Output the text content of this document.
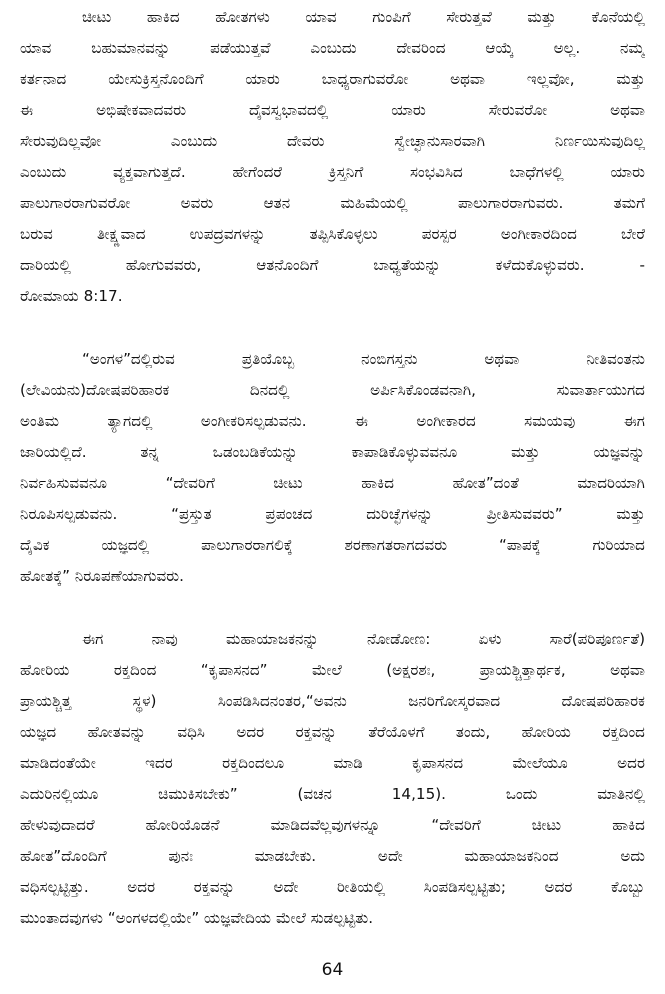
ಚೀಟು ಹಾಕಿದ ಹೋತಗಳು ಯಾವ ಗುಂಪಿಗೆ ಸೇರುತ್ತವೆ ಮತ್ತು ಕೊನೆಯಲ್ಲಿ
ಯಾವ ಬಹುಮಾನವನ್ನು ಪಡೆಯುತ್ತವೆ ಎಂಬುದು ದೇವರಿಂದ ಆಯ್ಕೆ ಅಲ್ಲ. ನಮ್ಮ
ಕರ್ತನಾದ ಯೇಸುಕ್ರಿಸ್ತನೊಂದಿಗೆ ಯಾರು ಬಾಧ್ಯರಾಗುವರೋ ಅಥವಾ ಇಲ್ಲವೋ, ಮತ್ತು
ಈ ಅಭಿಷೇಕವಾದವರು ದೈವಸ್ವಭಾವದಲ್ಲಿ ಯಾರು ಸೇರುವರೋ ಅಥವಾ
ಸೇರುವುದಿಲ್ಲವೋ ಎಂಬುದು ದೇವರು ಸ್ವೇಚ್ಛಾನುಸಾರವಾಗಿ ನಿರ್ಣಯಿಸುವುದಿಲ್ಲ
ಎಂಬುದು ವ್ಯಕ್ತವಾಗುತ್ತದೆ. ಹೇಗೆಂದರೆ ಕ್ರಿಸ್ತನಿಗೆ ಸಂಭವಿಸಿದ ಬಾಧೆಗಳಲ್ಲಿ ಯಾರು
ಪಾಲುಗಾರರಾಗುವರೋ ಅವರು ಆತನ ಮಹಿಮೆಯಲ್ಲಿ ಪಾಲುಗಾರರಾಗುವರು. ತಮಗೆ
ಬರುವ ತೀಕ್ಷ್ಣವಾದ ಉಪದ್ರವಗಳನ್ನು ತಪ್ಪಿಸಿಕೊಳ್ಳಲು ಪರಸ್ಪರ ಅಂಗೀಕಾರದಿಂದ ಬೇರೆ
ದಾರಿಯಲ್ಲಿ ಹೋಗುವವರು, ಆತನೊಂದಿಗೆ ಬಾಧ್ಯತೆಯನ್ನು ಕಳೆದುಕೊಳ್ಳುವರು. -
ರೋಮಾಯ 8:17.
“ಅಂಗಳ”ದಲ್ಲಿರುವ ಪ್ರತಿಯೊಬ್ಬ ನಂಬಿಗಸ್ತನು ಅಥವಾ ನೀತಿವಂತನು
(ಲೇವಿಯನು)ದೋಷಪರಿಹಾರಕ ದಿನದಲ್ಲಿ ಅರ್ಪಿಸಿಕೊಂಡವನಾಗಿ, ಸುವಾರ್ತಾಯುಗದ
ಅಂತಿಮ ತ್ಯಾಗದಲ್ಲಿ ಅಂಗೀಕರಿಸಲ್ಪಡುವನು. ಈ ಅಂಗೀಕಾರದ ಸಮಯವು ಈಗ
ಜಾರಿಯಲ್ಲಿದೆ. ತನ್ನ ಒಡಂಬಡಿಕೆಯನ್ನು ಕಾಪಾಡಿಕೊಳ್ಳುವವನೂ ಮತ್ತು ಯಜ್ಞವನ್ನು
ನಿರ್ವಹಿಸುವವನೂ “ದೇವರಿಗೆ ಚೀಟು ಹಾಕಿದ ಹೋತ”ದಂತೆ ಮಾದರಿಯಾಗಿ
ನಿರೂಪಿಸಲ್ಪಡುವನು. “ಪ್ರಸ್ತುತ ಪ್ರಪಂಚದ ದುರಿಚ್ಛೆಗಳನ್ನು ಪ್ರೀತಿಸುವವರು” ಮತ್ತು
ದೈವಿಕ ಯಜ್ಞದಲ್ಲಿ ಪಾಲುಗಾರರಾಗಲಿಕ್ಕೆ ಶರಣಾಗತರಾಗದವರು “ಪಾಪಕ್ಕೆ ಗುರಿಯಾದ
ಹೋತಕ್ಕೆ” ನಿರೂಪಣೆಯಾಗುವರು.
ಈಗ ನಾವು ಮಹಾಯಾಜಕನನ್ನು ನೋಡೋಣ: ಏಳು ಸಾರೆ(ಪರಿಪೂರ್ಣತೆ)
ಹೋರಿಯ ರಕ್ತದಿಂದ “ಕೃಪಾಸನದ” ಮೇಲೆ (ಅಕ್ಷರಶಃ, ಪ್ರಾಯಶ್ಚಿತ್ತಾರ್ಥಕ, ಅಥವಾ
ಪ್ರಾಯಶ್ಚಿತ್ತ ಸ್ಥಳ) ಸಿಂಪಡಿಸಿದನಂತರ,“ಅವನು ಜನರಿಗೋಸ್ಕರವಾದ ದೋಷಪರಿಹಾರಕ
ಯಜ್ಞದ ಹೋತವನ್ನು ವಧಿಸಿ ಅದರ ರಕ್ತವನ್ನು ತೆರೆಯೊಳಗೆ ತಂದು, ಹೋರಿಯ ರಕ್ತದಿಂದ
ಮಾಡಿದಂತೆಯೇ ಇದರ ರಕ್ತದಿಂದಲೂ ಮಾಡಿ ಕೃಪಾಸನದ ಮೇಲೆಯೂ ಅದರ
ಎದುರಿನಲ್ಲಿಯೂ ಚಿಮುಕಿಸಬೇಕು” (ವಚನ 14,15). ಒಂದು ಮಾತಿನಲ್ಲಿ
ಹೇಳುವುದಾದರೆ ಹೋರಿಯೊಡನೆ ಮಾಡಿದವೆಲ್ಲವುಗಳನ್ನೂ “ದೇವರಿಗೆ ಚೀಟು ಹಾಕಿದ
ಹೋತ”ದೊಂದಿಗೆ ಪುನಃ ಮಾಡಬೇಕು. ಅದೇ ಮಹಾಯಾಜಕನಿಂದ ಅದು
ವಧಿಸಲ್ಪಟ್ಟಿತ್ತು. ಅದರ ರಕ್ತವನ್ನು ಅದೇ ರೀತಿಯಲ್ಲಿ ಸಿಂಪಡಿಸಲ್ಪಟ್ಟಿತು; ಅದರ ಕೊಬ್ಬು
ಮುಂತಾದವುಗಳು “ಅಂಗಳದಲ್ಲಿಯೇ” ಯಜ್ಞವೇದಿಯ ಮೇಲೆ ಸುಡಲ್ಪಟ್ಟಿತು.
64
